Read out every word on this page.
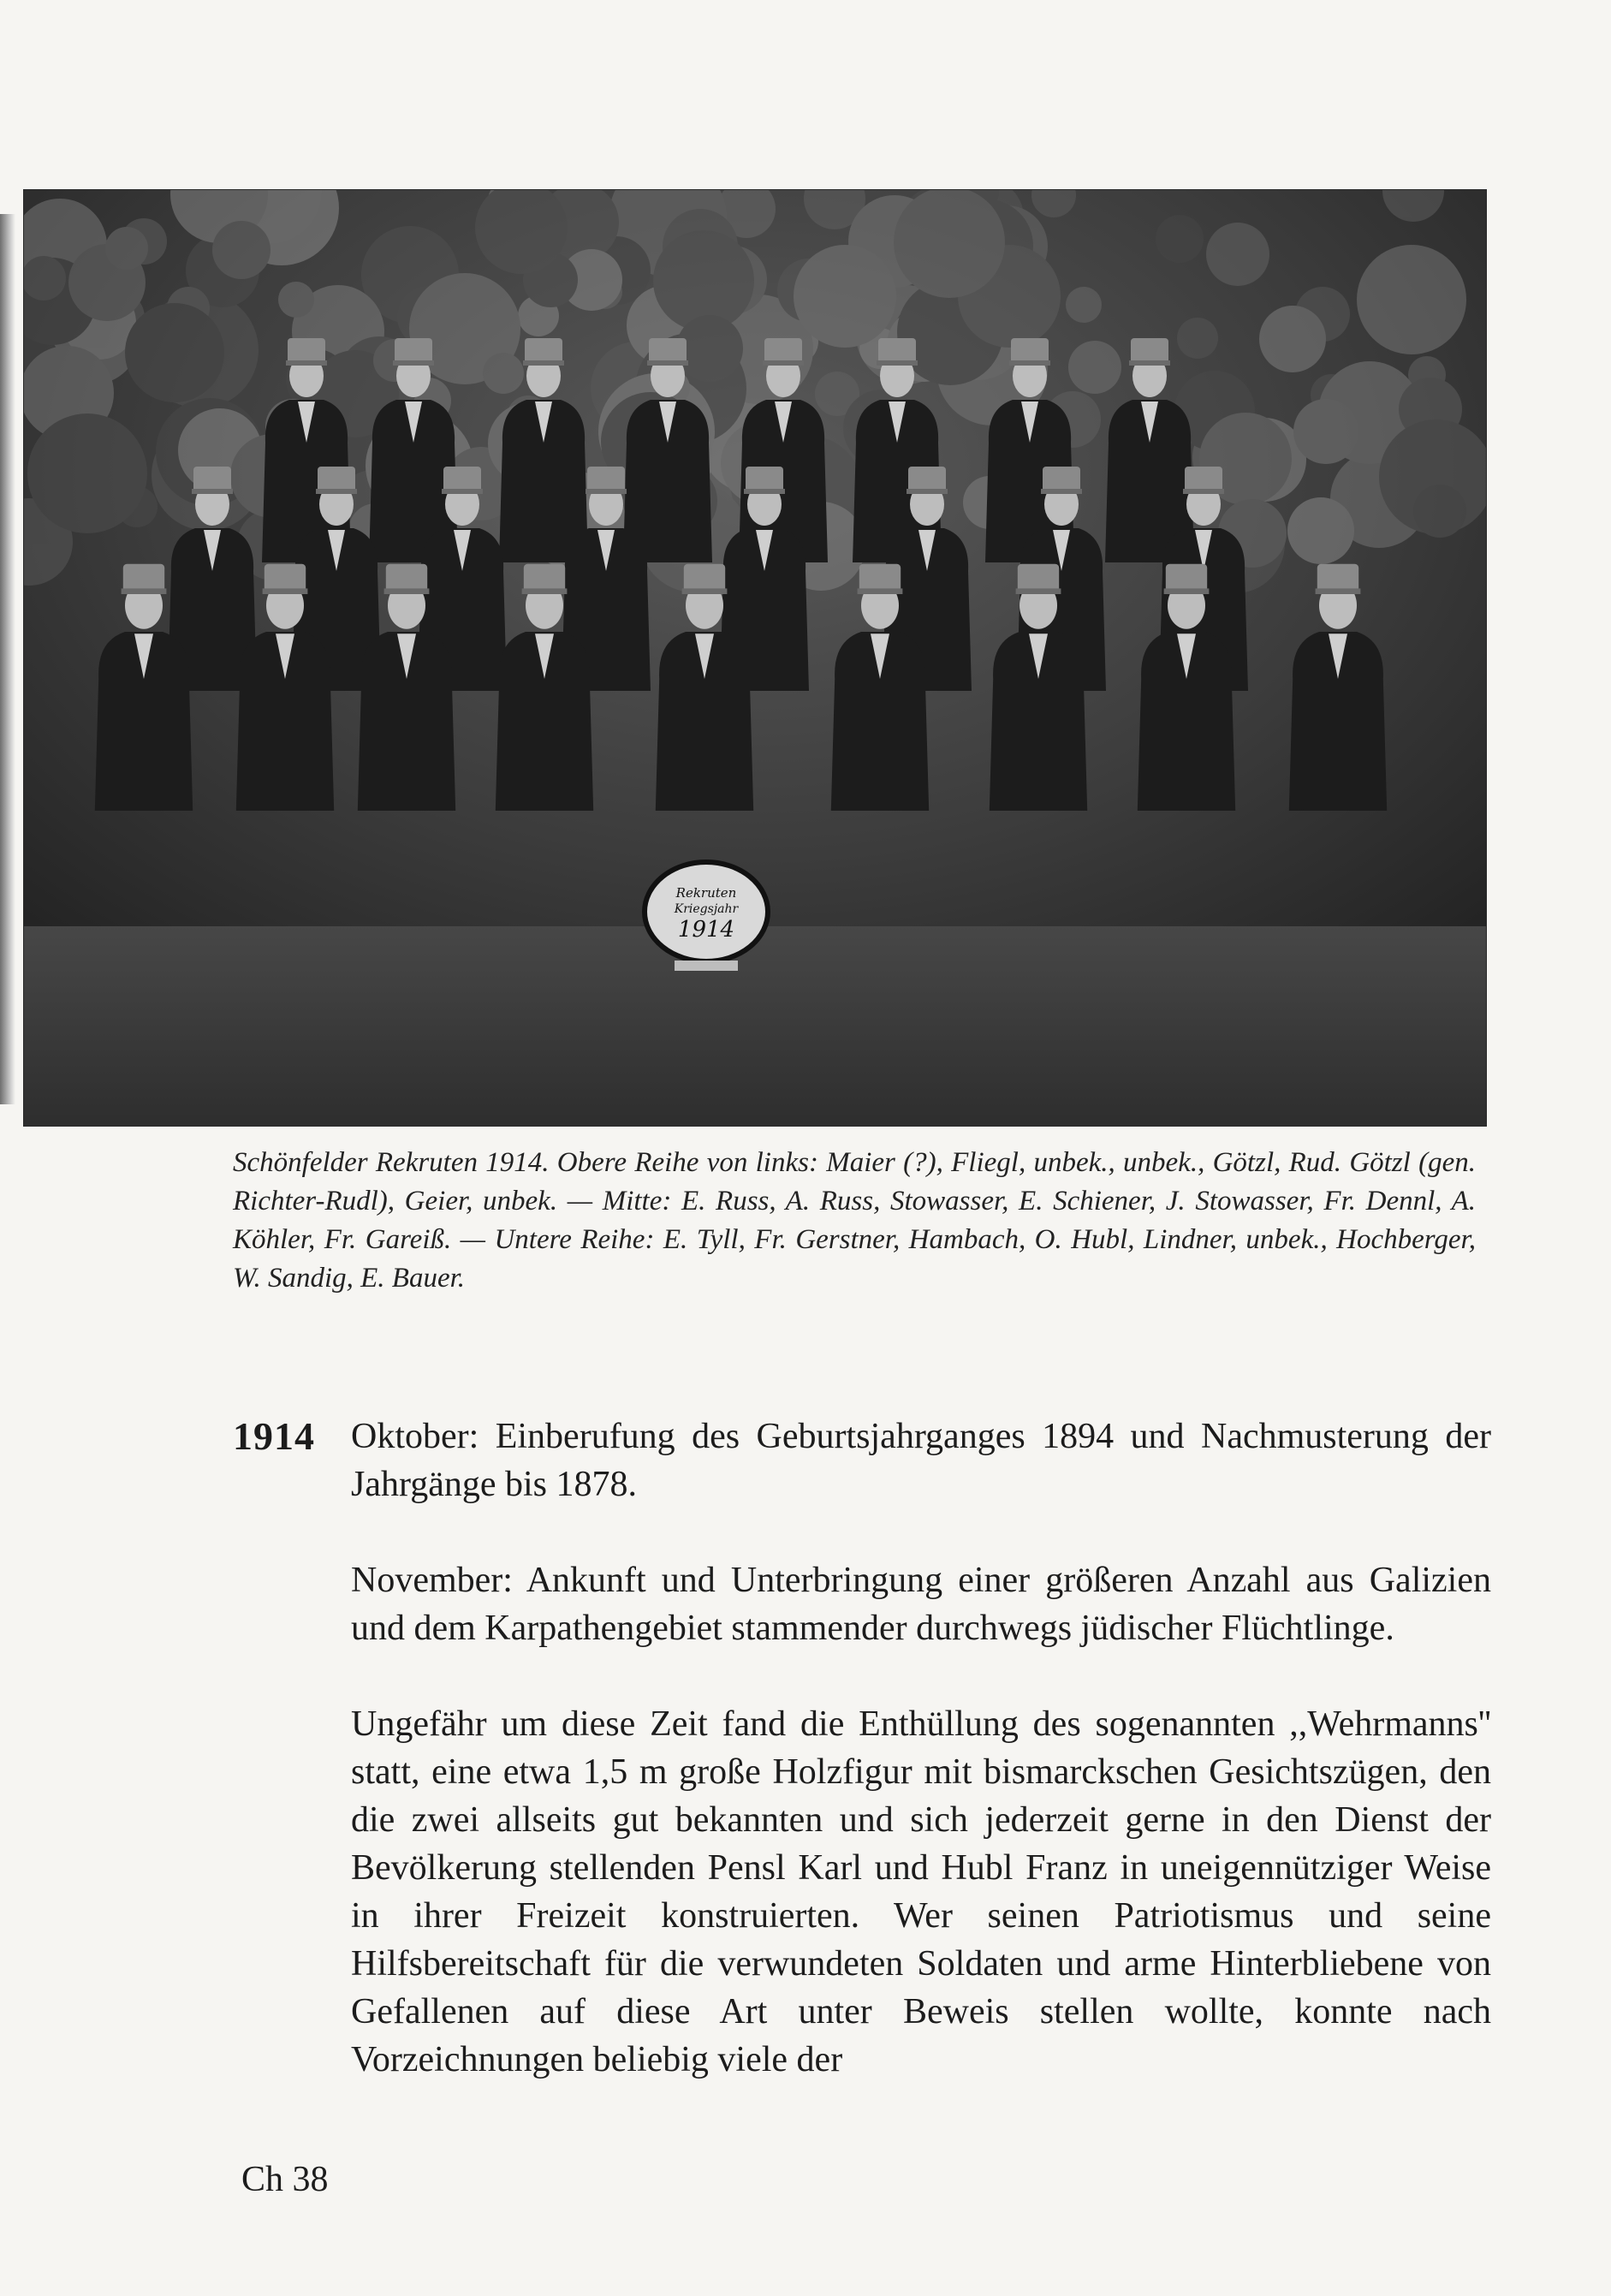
Rekruten
Kriegsjahr
1914
Schönfelder Rekruten 1914. Obere Reihe von links: Maier (?), Fliegl, unbek., unbek., Götzl, Rud. Götzl (gen. Richter-Rudl), Geier, unbek. — Mitte: E. Russ, A. Russ, Stowasser, E. Schiener, J. Stowasser, Fr. Dennl, A. Köhler, Fr. Gareiß. — Untere Reihe: E. Tyll, Fr. Gerstner, Hambach, O. Hubl, Lindner, unbek., Hochberger, W. Sandig, E. Bauer.
1914 Oktober: Einberufung des Geburtsjahrganges 1894 und Nachmusterung der Jahrgänge bis 1878.

November: Ankunft und Unterbringung einer größeren Anzahl aus Galizien und dem Karpathengebiet stammender durchwegs jüdischer Flüchtlinge.

Ungefähr um diese Zeit fand die Enthüllung des sogenannten ,,Wehrmanns'' statt, eine etwa 1,5 m große Holzfigur mit bismarckschen Gesichtszügen, den die zwei allseits gut bekannten und sich jederzeit gerne in den Dienst der Bevölkerung stellenden Pensl Karl und Hubl Franz in uneigennütziger Weise in ihrer Freizeit konstruierten. Wer seinen Patriotismus und seine Hilfsbereitschaft für die verwundeten Soldaten und arme Hinterbliebene von Gefallenen auf diese Art unter Beweis stellen wollte, konnte nach Vorzeichnungen beliebig viele der

Ch 38
